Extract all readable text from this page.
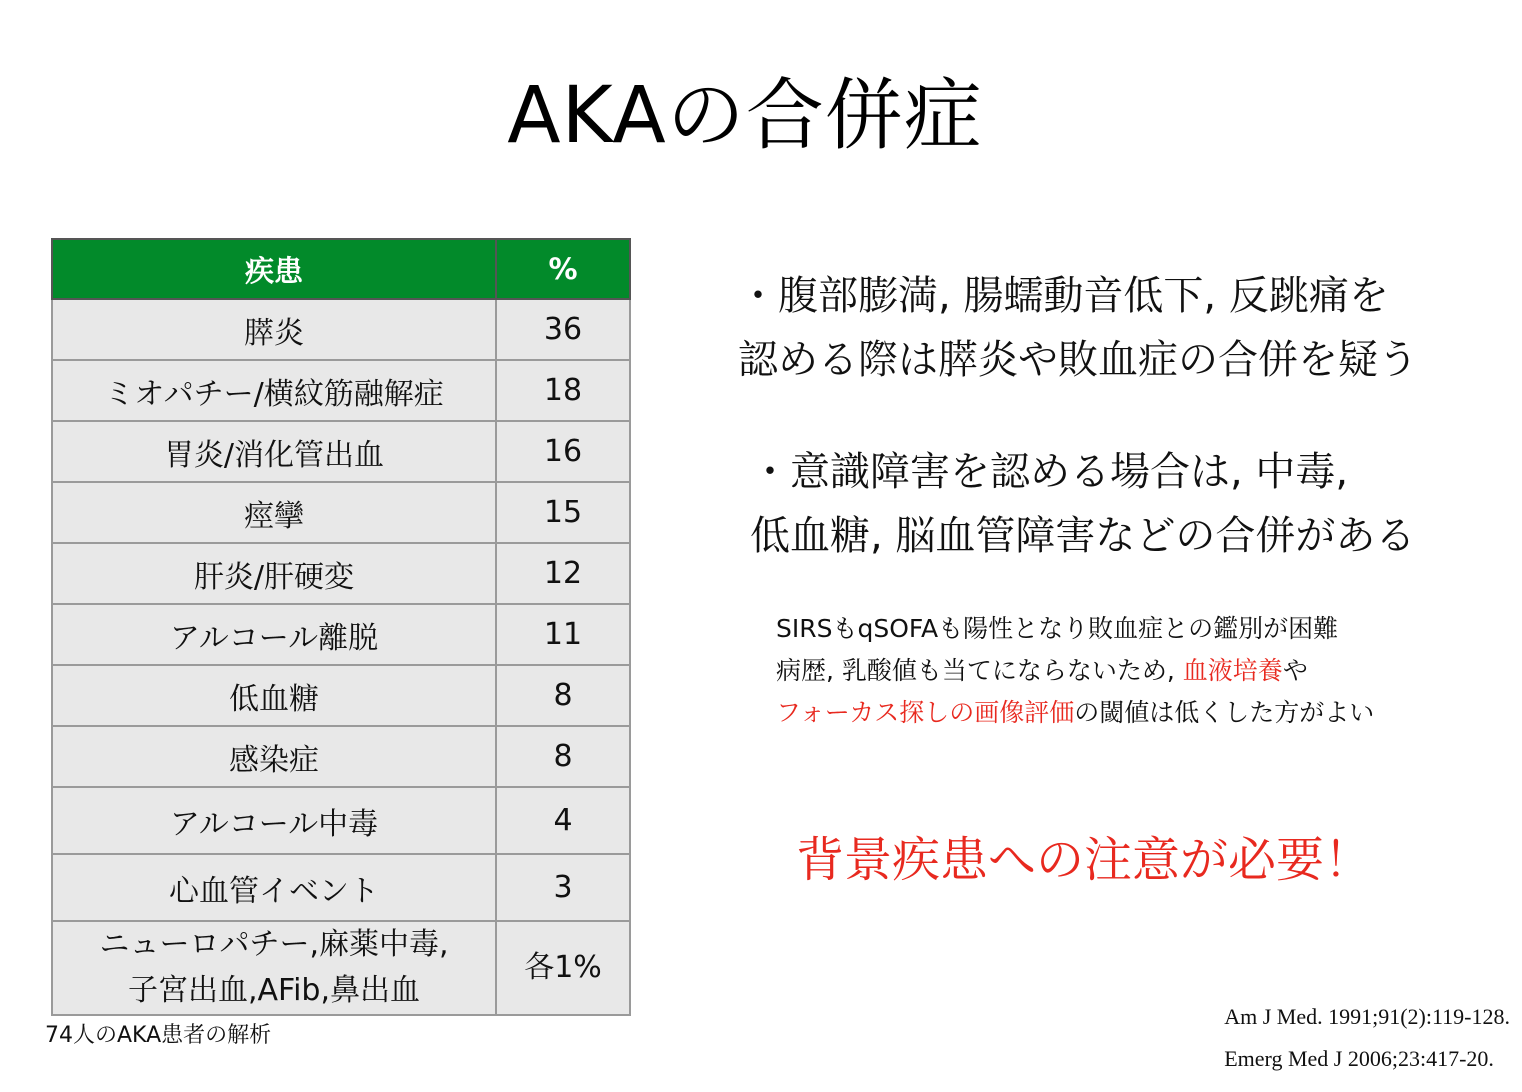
AKAの合併症
疾患	%
膵炎	36
ミオパチー/横紋筋融解症	18
胃炎/消化管出血	16
痙攣	15
肝炎/肝硬変	12
アルコール離脱	11
低血糖	8
感染症	8
アルコール中毒	4
心血管イベント	3

ニューロパチー,麻薬中毒,
子宮出血,AFib,鼻出血	各1%
74人のAKA患者の解析
・腹部膨満, 腸蠕動音低下, 反跳痛を
認める際は膵炎や敗血症の合併を疑う
・意識障害を認める場合は, 中毒,
低血糖, 脳血管障害などの合併がある
SIRSもqSOFAも陽性となり敗血症との鑑別が困難
病歴, 乳酸値も当てにならないため, 血液培養や
フォーカス探しの画像評価の閾値は低くした方がよい
背景疾患への注意が必要！
Am J Med. 1991;91(2):119-128.
Emerg Med J 2006;23:417-20.
